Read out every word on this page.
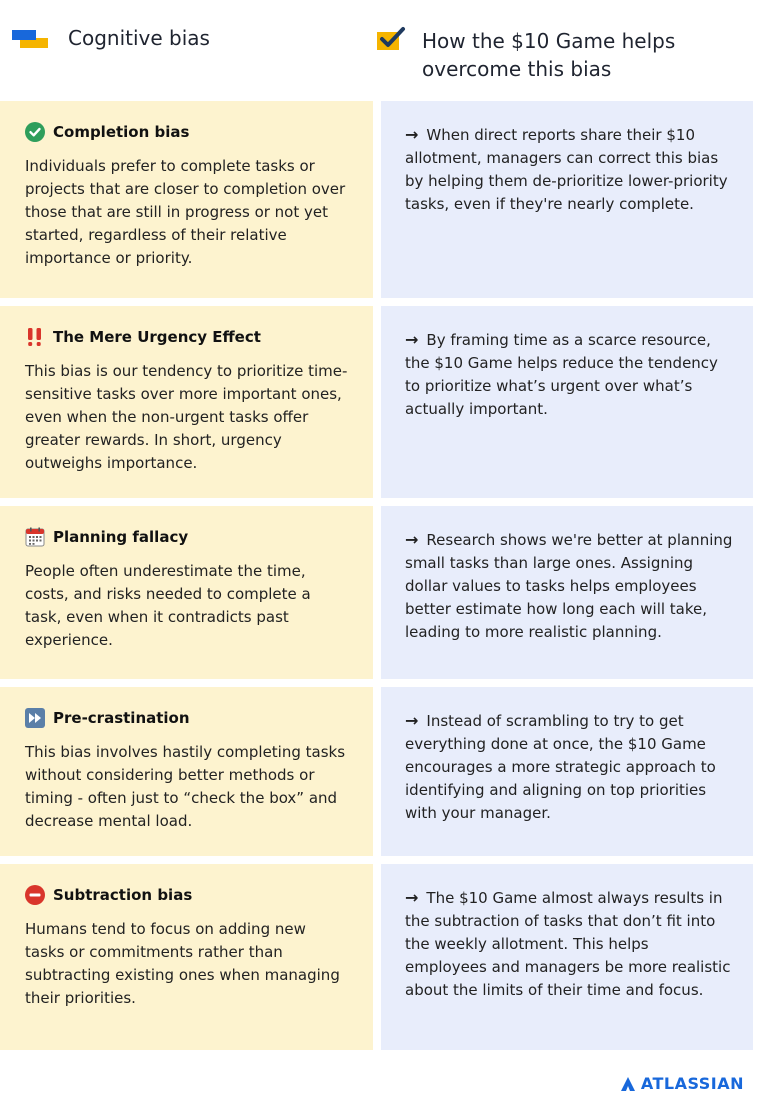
Cognitive bias	How the $10 Game helps overcome this bias
Completion bias
Individuals prefer to complete tasks or projects that are closer to completion over those that are still in progress or not yet started, regardless of their relative importance or priority.
→ When direct reports share their $10 allotment, managers can correct this bias by helping them de-prioritize lower-priority tasks, even if they're nearly complete.
The Mere Urgency Effect
This bias is our tendency to prioritize time-sensitive tasks over more important ones, even when the non-urgent tasks offer greater rewards. In short, urgency outweighs importance.
→ By framing time as a scarce resource, the $10 Game helps reduce the tendency to prioritize what’s urgent over what’s actually important.
Planning fallacy
People often underestimate the time, costs, and risks needed to complete a task, even when it contradicts past experience.
→ Research shows we're better at planning small tasks than large ones. Assigning dollar values to tasks helps employees better estimate how long each will take, leading to more realistic planning.
Pre-crastination
This bias involves hastily completing tasks without considering better methods or timing - often just to “check the box” and decrease mental load.
→ Instead of scrambling to try to get everything done at once, the $10 Game encourages a more strategic approach to identifying and aligning on top priorities with your manager.
Subtraction bias
Humans tend to focus on adding new tasks or commitments rather than subtracting existing ones when managing their priorities.
→ The $10 Game almost always results in the subtraction of tasks that don’t fit into the weekly allotment. This helps employees and managers be more realistic about the limits of their time and focus.
ATLASSIAN
